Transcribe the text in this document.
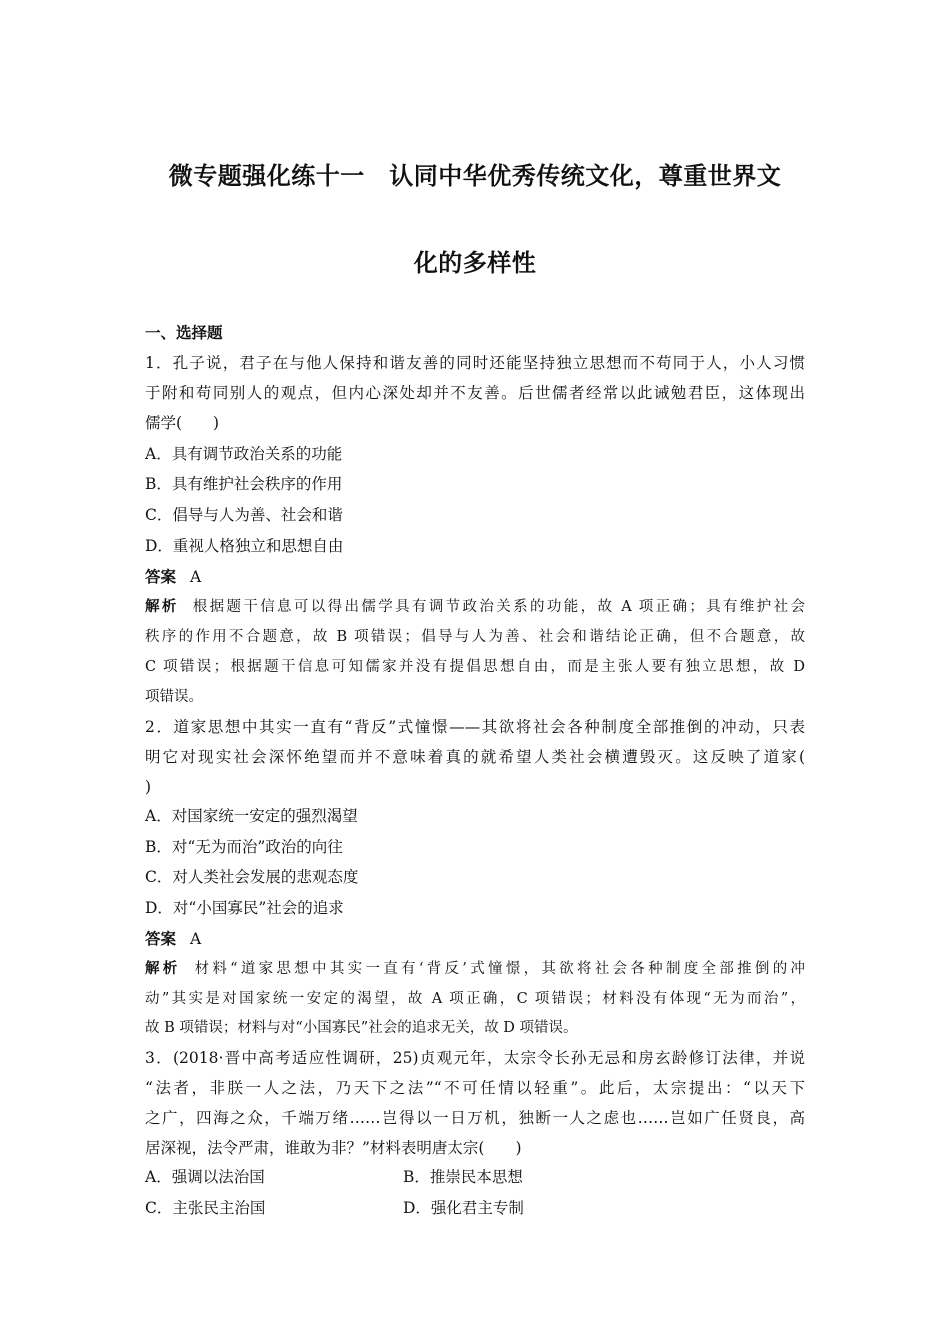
微专题强化练十一　认同中华优秀传统文化，尊重世界文
化的多样性
一、选择题
1．孔子说，君子在与他人保持和谐友善的同时还能坚持独立思想而不苟同于人，小人习惯
于附和苟同别人的观点，但内心深处却并不友善。后世儒者经常以此诫勉君臣，这体现出
儒学(　　)
A．具有调节政治关系的功能
B．具有维护社会秩序的作用
C．倡导与人为善、社会和谐
D．重视人格独立和思想自由
答案 A
解析 根据题干信息可以得出儒学具有调节政治关系的功能，故 A 项正确；具有维护社会
秩序的作用不合题意，故 B 项错误；倡导与人为善、社会和谐结论正确，但不合题意，故
C 项错误；根据题干信息可知儒家并没有提倡思想自由，而是主张人要有独立思想，故 D
项错误。
2．道家思想中其实一直有“背反”式憧憬——其欲将社会各种制度全部推倒的冲动，只表
明它对现实社会深怀绝望而并不意味着真的就希望人类社会横遭毁灭。这反映了道家(
)
A．对国家统一安定的强烈渴望
B．对“无为而治”政治的向往
C．对人类社会发展的悲观态度
D．对“小国寡民”社会的追求
答案 A
解析 材料“道家思想中其实一直有‘背反’式憧憬，其欲将社会各种制度全部推倒的冲
动”其实是对国家统一安定的渴望，故 A 项正确，C 项错误；材料没有体现“无为而治”，
故 B 项错误；材料与对“小国寡民”社会的追求无关，故 D 项错误。
3．(2018·晋中高考适应性调研，25)贞观元年，太宗令长孙无忌和房玄龄修订法律，并说
“法者，非朕一人之法，乃天下之法”“不可任情以轻重”。此后，太宗提出：“以天下
之广，四海之众，千端万绪……岂得以一日万机，独断一人之虑也……岂如广任贤良，高
居深视，法令严肃，谁敢为非？”材料表明唐太宗(　　)
A．强调以法治国	B．推崇民本思想
C．主张民主治国	D．强化君主专制
